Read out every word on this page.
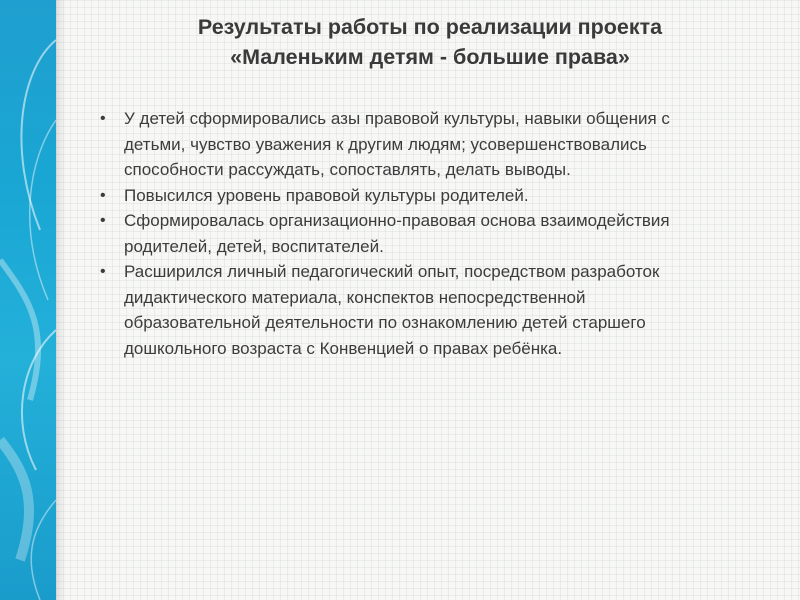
Результаты работы по реализации проекта
«Маленьким детям - большие права»
• У детей сформировались азы правовой культуры, навыки общения с детьми, чувство уважения к другим людям; усовершенствовались способности рассуждать, сопоставлять, делать выводы.
• Повысился уровень правовой культуры родителей.
• Сформировалась организационно-правовая основа взаимодействия родителей, детей, воспитателей.
• Расширился личный педагогический опыт, посредством разработок дидактического материала, конспектов непосредственной образовательной деятельности по ознакомлению детей старшего дошкольного возраста с Конвенцией о правах ребёнка.
